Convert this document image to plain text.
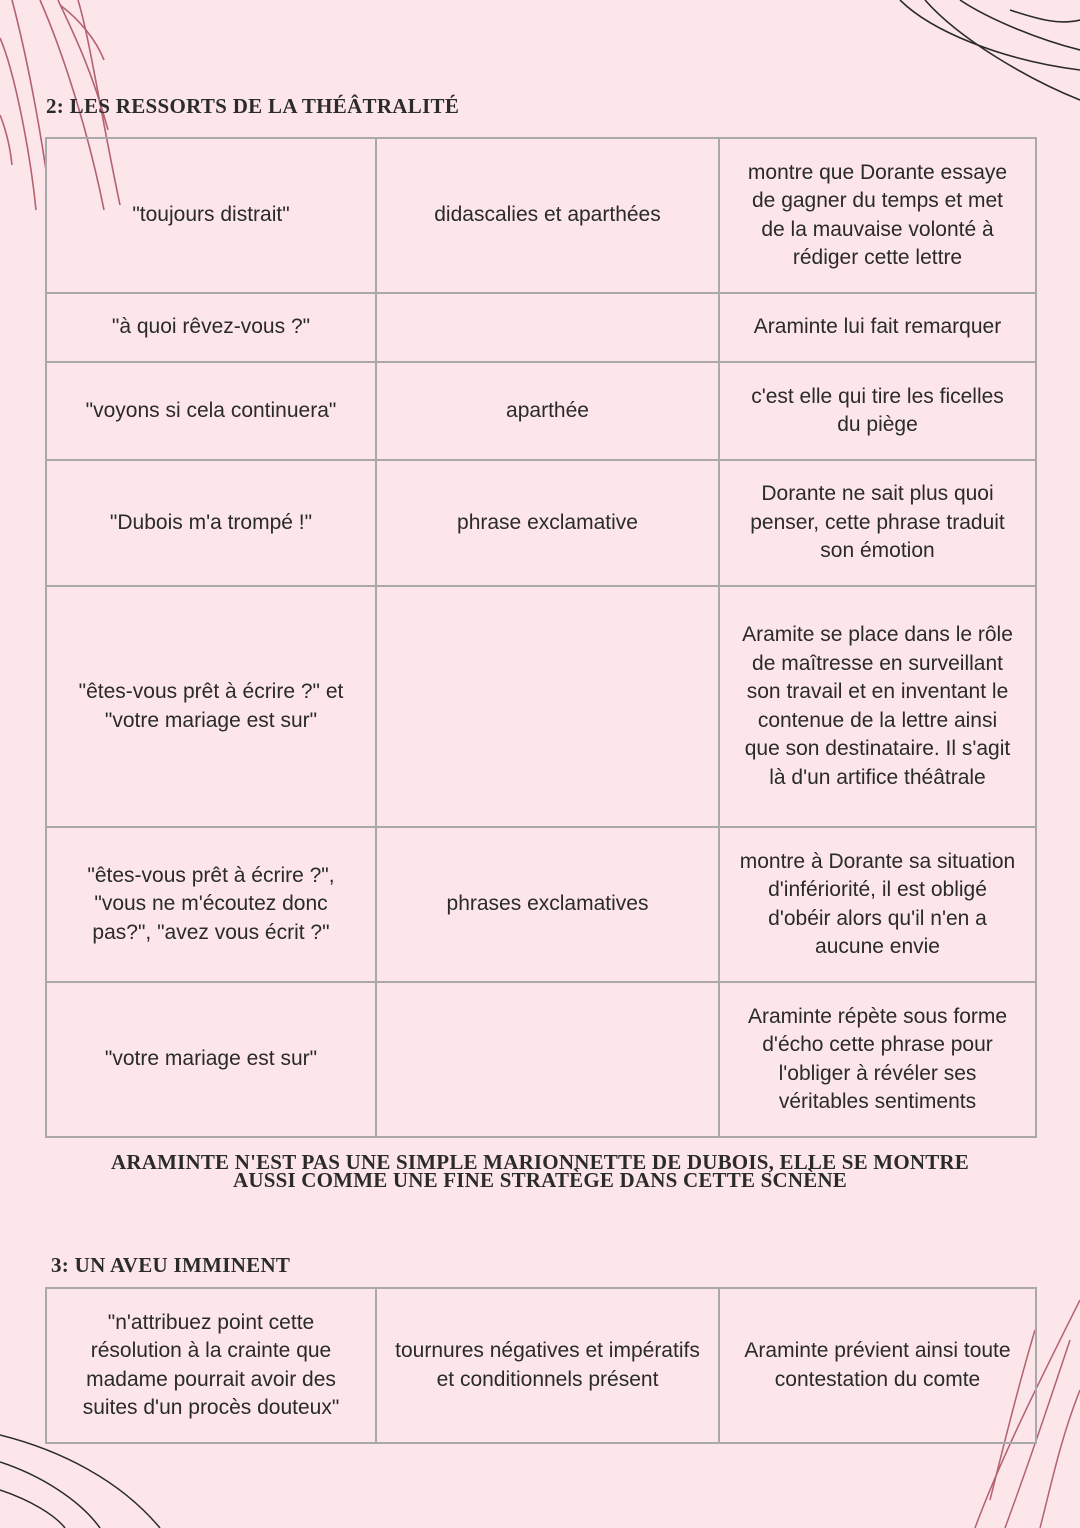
2: LES RESSORTS DE LA THÉÂTRALITÉ
"toujours distrait"	didascalies et aparthées	montre que Dorante essaye de gagner du temps et met de la mauvaise volonté à rédiger cette lettre
"à quoi rêvez-vous ?"		Araminte lui fait remarquer
"voyons si cela continuera"	aparthée	c'est elle qui tire les ficelles du piège
"Dubois m'a trompé !"	phrase exclamative	Dorante ne sait plus quoi penser, cette phrase traduit son émotion
"êtes-vous prêt à écrire ?" et "votre mariage est sur"		Aramite se place dans le rôle de maîtresse en surveillant son travail et en inventant le contenue de la lettre ainsi que son destinataire. Il s'agit là d'un artifice théâtrale
"êtes-vous prêt à écrire ?", "vous ne m'écoutez donc pas?", "avez vous écrit ?"	phrases exclamatives	montre à Dorante sa situation d'infériorité, il est obligé d'obéir alors qu'il n'en a aucune envie
"votre mariage est sur"		Araminte répète sous forme d'écho cette phrase pour l'obliger à révéler ses véritables sentiments
ARAMINTE N'EST PAS UNE SIMPLE MARIONNETTE DE DUBOIS, ELLE SE MONTRE
AUSSI COMME UNE FINE STRATÈGE DANS CETTE SCNÈNE
3: UN AVEU IMMINENT
"n'attribuez point cette résolution à la crainte que madame pourrait avoir des suites d'un procès douteux"	tournures négatives et impératifs et conditionnels présent	Araminte prévient ainsi toute contestation du comte
